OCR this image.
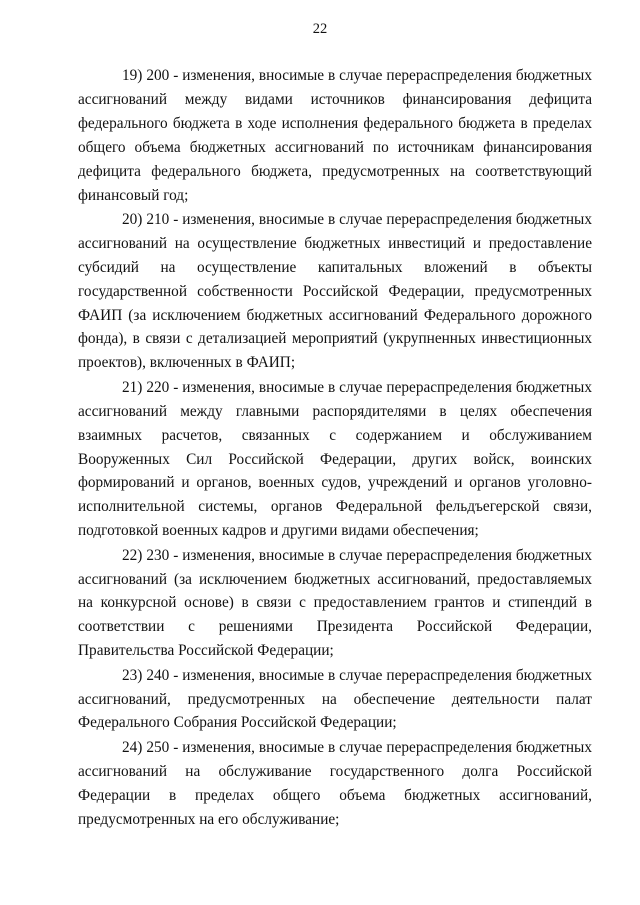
22

19) 200 - изменения, вносимые в случае перераспределения бюджетных ассигнований между видами источников финансирования дефицита федерального бюджета в ходе исполнения федерального бюджета в пределах общего объема бюджетных ассигнований по источникам финансирования дефицита федерального бюджета, предусмотренных на соответствующий финансовый год;

20) 210 - изменения, вносимые в случае перераспределения бюджетных ассигнований на осуществление бюджетных инвестиций и предоставление субсидий на осуществление капитальных вложений в объекты государственной собственности Российской Федерации, предусмотренных ФАИП (за исключением бюджетных ассигнований Федерального дорожного фонда), в связи с детализацией мероприятий (укрупненных инвестиционных проектов), включенных в ФАИП;

21) 220 - изменения, вносимые в случае перераспределения бюджетных ассигнований между главными распорядителями в целях обеспечения взаимных расчетов, связанных с содержанием и обслуживанием Вооруженных Сил Российской Федерации, других войск, воинских формирований и органов, военных судов, учреждений и органов уголовно-исполнительной системы, органов Федеральной фельдъегерской связи, подготовкой военных кадров и другими видами обеспечения;

22) 230 - изменения, вносимые в случае перераспределения бюджетных ассигнований (за исключением бюджетных ассигнований, предоставляемых на конкурсной основе) в связи с предоставлением грантов и стипендий в соответствии с решениями Президента Российской Федерации, Правительства Российской Федерации;

23) 240 - изменения, вносимые в случае перераспределения бюджетных ассигнований, предусмотренных на обеспечение деятельности палат Федерального Собрания Российской Федерации;

24) 250 - изменения, вносимые в случае перераспределения бюджетных ассигнований на обслуживание государственного долга Российской Федерации в пределах общего объема бюджетных ассигнований, предусмотренных на его обслуживание;
